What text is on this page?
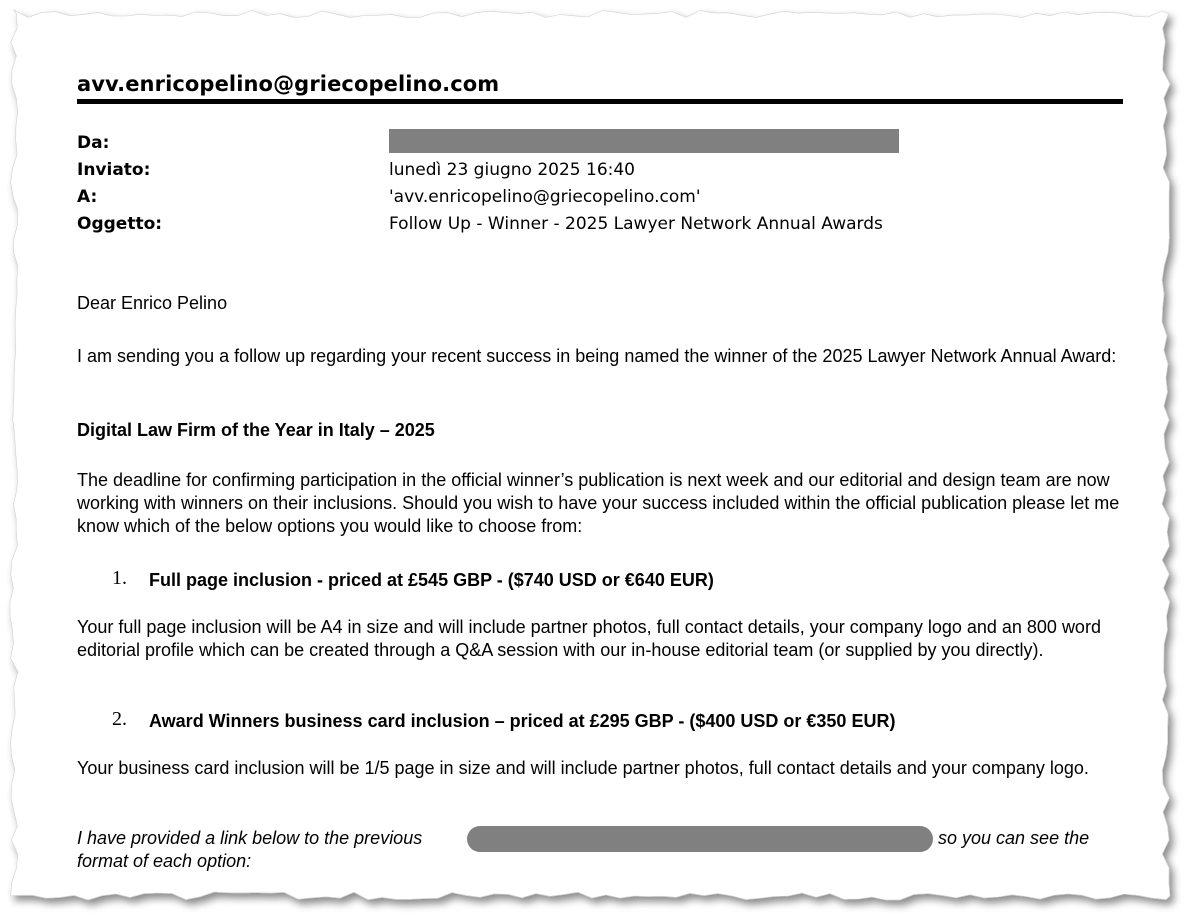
avv.enricopelino@griecopelino.com
Da:
Inviato:	lunedì 23 giugno 2025 16:40
A:	'avv.enricopelino@griecopelino.com'
Oggetto:	Follow Up - Winner - 2025 Lawyer Network Annual Awards
Dear Enrico Pelino
I am sending you a follow up regarding your recent success in being named the winner of the 2025 Lawyer Network Annual Award:
Digital Law Firm of the Year in Italy – 2025
The deadline for confirming participation in the official winner’s publication is next week and our editorial and design team are now working with winners on their inclusions. Should you wish to have your success included within the official publication please let me know which of the below options you would like to choose from:
1. Full page inclusion - priced at £545 GBP - ($740 USD or €640 EUR)
Your full page inclusion will be A4 in size and will include partner photos, full contact details, your company logo and an 800 word editorial profile which can be created through a Q&A session with our in-house editorial team (or supplied by you directly).
2. Award Winners business card inclusion – priced at £295 GBP - ($400 USD or €350 EUR)
Your business card inclusion will be 1/5 page in size and will include partner photos, full contact details and your company logo.
I have provided a link below to the previous	so you can see the
format of each option:
